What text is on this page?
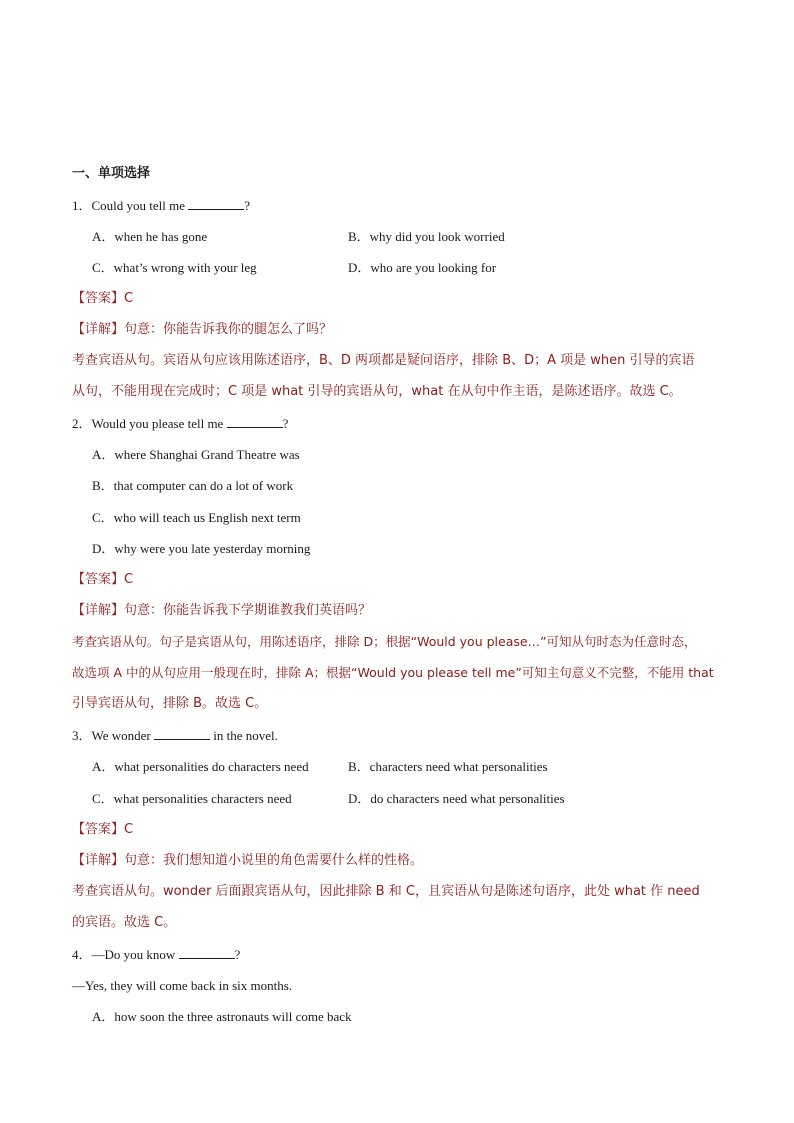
一、单项选择
1．Could you tell me	?
A．when he has gone	B．why did you look worried
C．what’s wrong with your leg	D．who are you looking for
【答案】C
【详解】句意：你能告诉我你的腿怎么了吗？
考查宾语从句。宾语从句应该用陈述语序，B、D 两项都是疑问语序，排除 B、D；A 项是 when 引导的宾语
从句，不能用现在完成时；C 项是 what 引导的宾语从句，what 在从句中作主语，是陈述语序。故选 C。
2．Would you please tell me	?
A．where Shanghai Grand Theatre was
B．that computer can do a lot of work
C．who will teach us English next term
D．why were you late yesterday morning
【答案】C
【详解】句意：你能告诉我下学期谁教我们英语吗？
考查宾语从句。句子是宾语从句，用陈述语序，排除 D；根据“Would you please…”可知从句时态为任意时态，
故选项 A 中的从句应用一般现在时，排除 A；根据“Would you please tell me”可知主句意义不完整，不能用 that
引导宾语从句，排除 B。故选 C。
3．We wonder	in the novel.
A．what personalities do characters need	B．characters need what personalities
C．what personalities characters need	D．do characters need what personalities
【答案】C
【详解】句意：我们想知道小说里的角色需要什么样的性格。
考查宾语从句。wonder 后面跟宾语从句，因此排除 B 和 C，且宾语从句是陈述句语序，此处 what 作 need
的宾语。故选 C。
4．—Do you know	?
—Yes, they will come back in six months.
A．how soon the three astronauts will come back
